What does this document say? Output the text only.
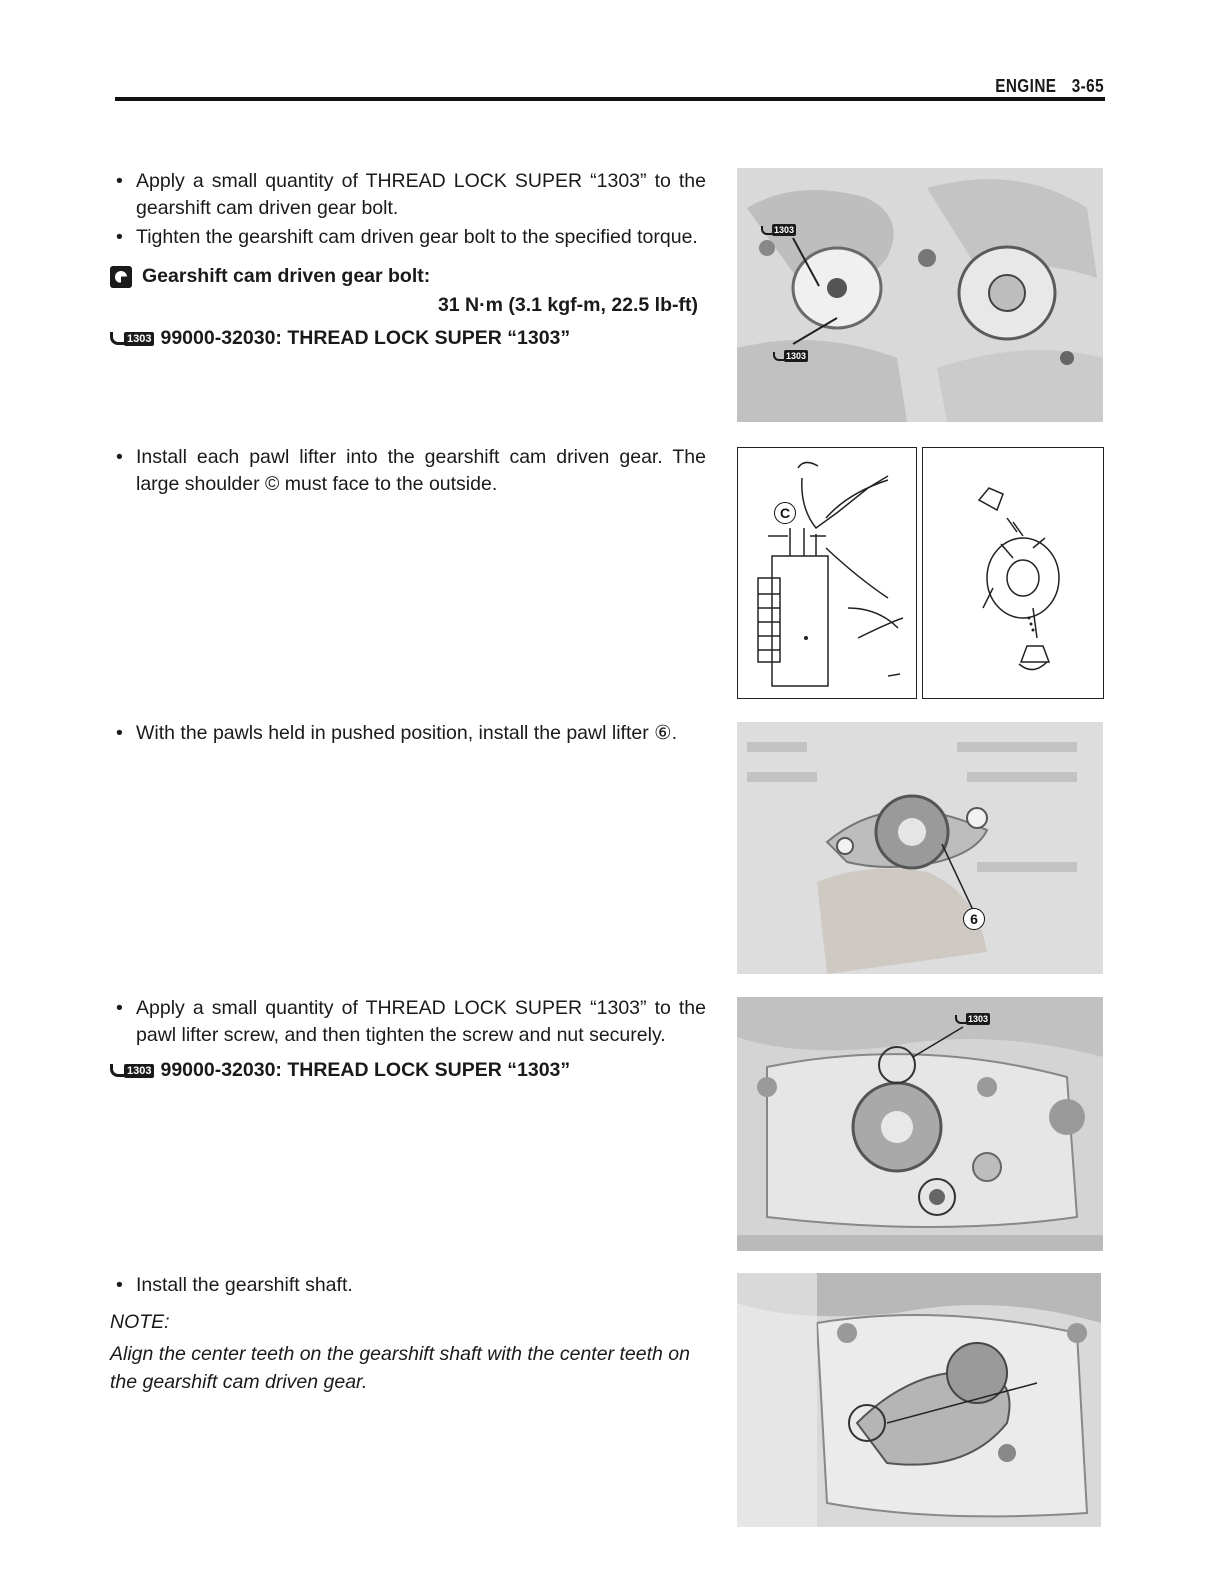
ENGINE 3-65

• Apply a small quantity of THREAD LOCK SUPER “1303” to the gearshift cam driven gear bolt.

• Tighten the gearshift cam driven gear bolt to the specified torque.

Gearshift cam driven gear bolt:
31 N·m (3.1 kgf-m, 22.5 lb-ft)
1303 99000-32030: THREAD LOCK SUPER “1303”

• Install each pawl lifter into the gearshift cam driven gear. The large shoulder © must face to the outside.

• With the pawls held in pushed position, install the pawl lifter ⑥.

• Apply a small quantity of THREAD LOCK SUPER “1303” to the pawl lifter screw, and then tighten the screw and nut securely.

1303 99000-32030: THREAD LOCK SUPER “1303”

• Install the gearshift shaft.

NOTE:
Align the center teeth on the gearshift shaft with the center teeth on the gearshift cam driven gear.
1303
1303
C
6
1303
